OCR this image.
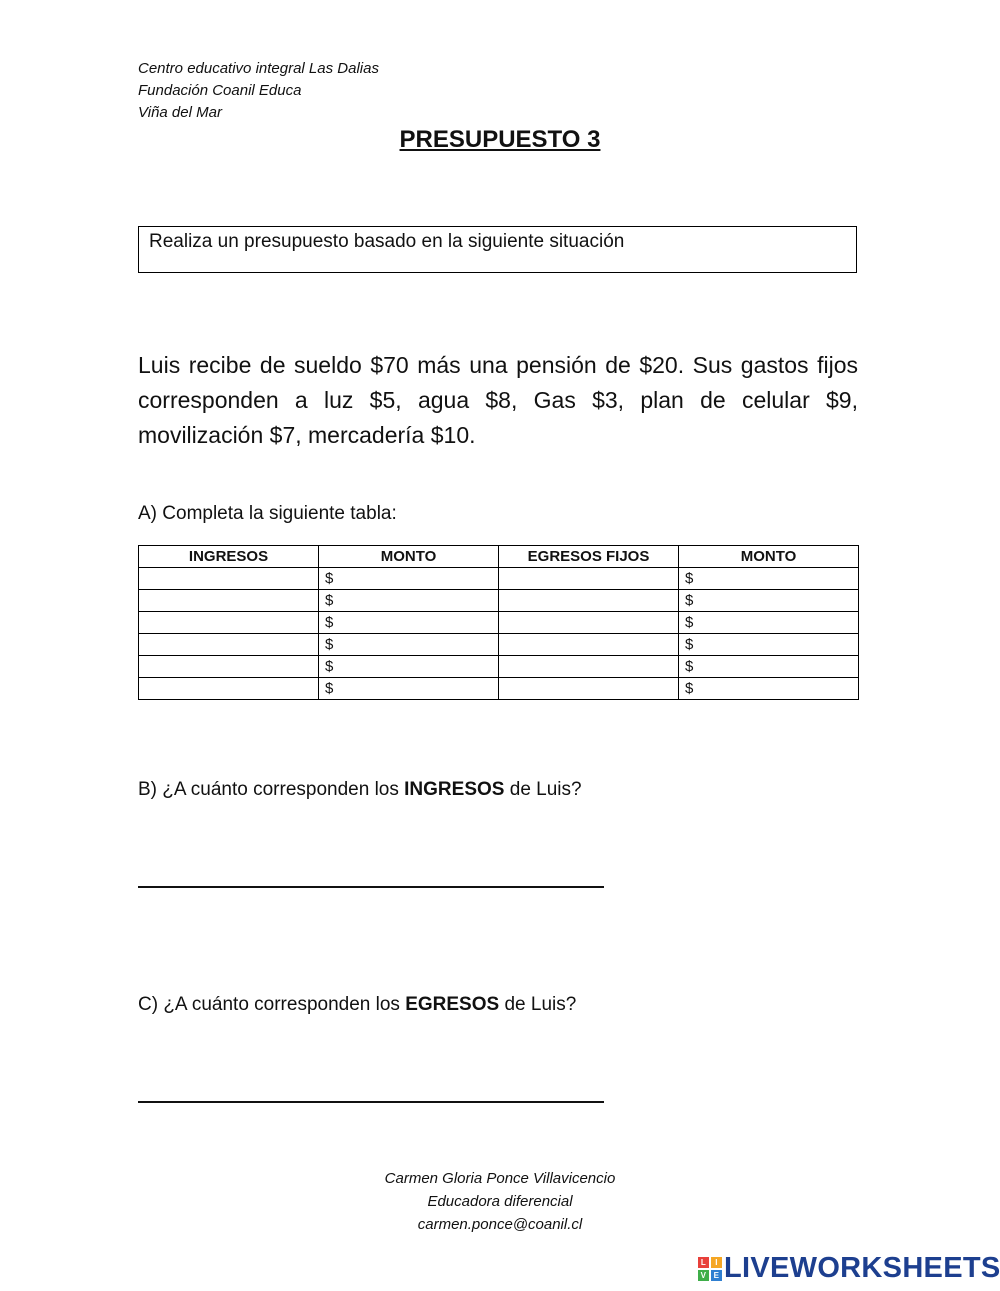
Centro educativo integral Las Dalias
Fundación Coanil Educa
Viña del Mar
PRESUPUESTO 3
Realiza un presupuesto basado en la siguiente situación
Luis recibe de sueldo $70 más una pensión de $20. Sus gastos fijos corresponden a luz $5, agua $8, Gas $3, plan de celular $9, movilización $7, mercadería $10.
A) Completa la siguiente tabla:
INGRESOS	MONTO	EGRESOS FIJOS	MONTO
	$		$
	$		$
	$		$
	$		$
	$		$
	$		$
B) ¿A cuánto corresponden los INGRESOS de Luis?
C) ¿A cuánto corresponden los EGRESOS de Luis?
Carmen Gloria Ponce Villavicencio
Educadora diferencial
carmen.ponce@coanil.cl
L	I
V E LIVEWORKSHEETS
